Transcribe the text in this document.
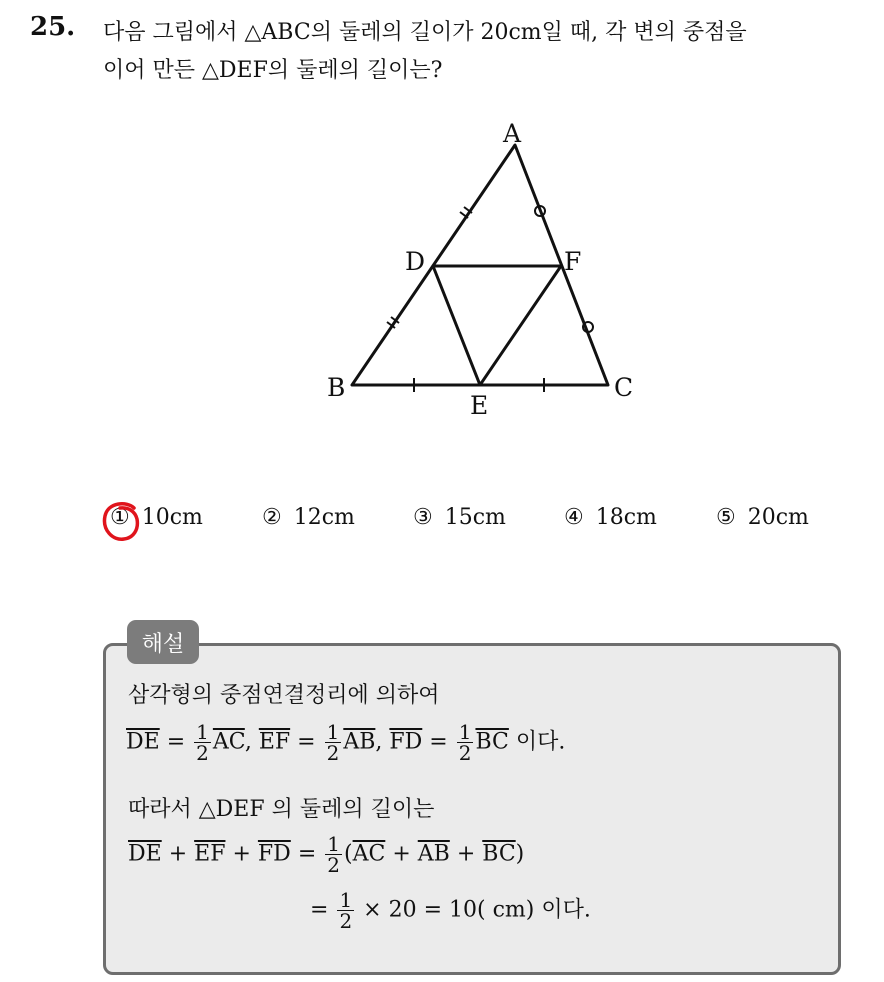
25. 다음 그림에서 △ABC의 둘레의 길이가 20cm일 때, 각 변의 중점을
이어 만든 △DEF의 둘레의 길이는?
A
B	C
D
E
F
① 10cm	② 12cm	③ 15cm	④ 18cm	⑤ 20cm
해설
삼각형의 중점연결정리에 의하여
$\overline{DE} = \frac{1}{2} \overline{AC}$, $\overline{EF} = \frac{1}{2} \overline{AB}$, $\overline{FD} = \frac{1}{2} \overline{BC}$ 이다.
따라서 △DEF 의 둘레의 길이는
$\overline{DE} + \overline{EF} + \overline{FD} = \frac{1}{2} (\overline{AC} + \overline{AB} + \overline{BC})$
= $\frac{1}{2} \times 20 = 10$( cm) 이다.
